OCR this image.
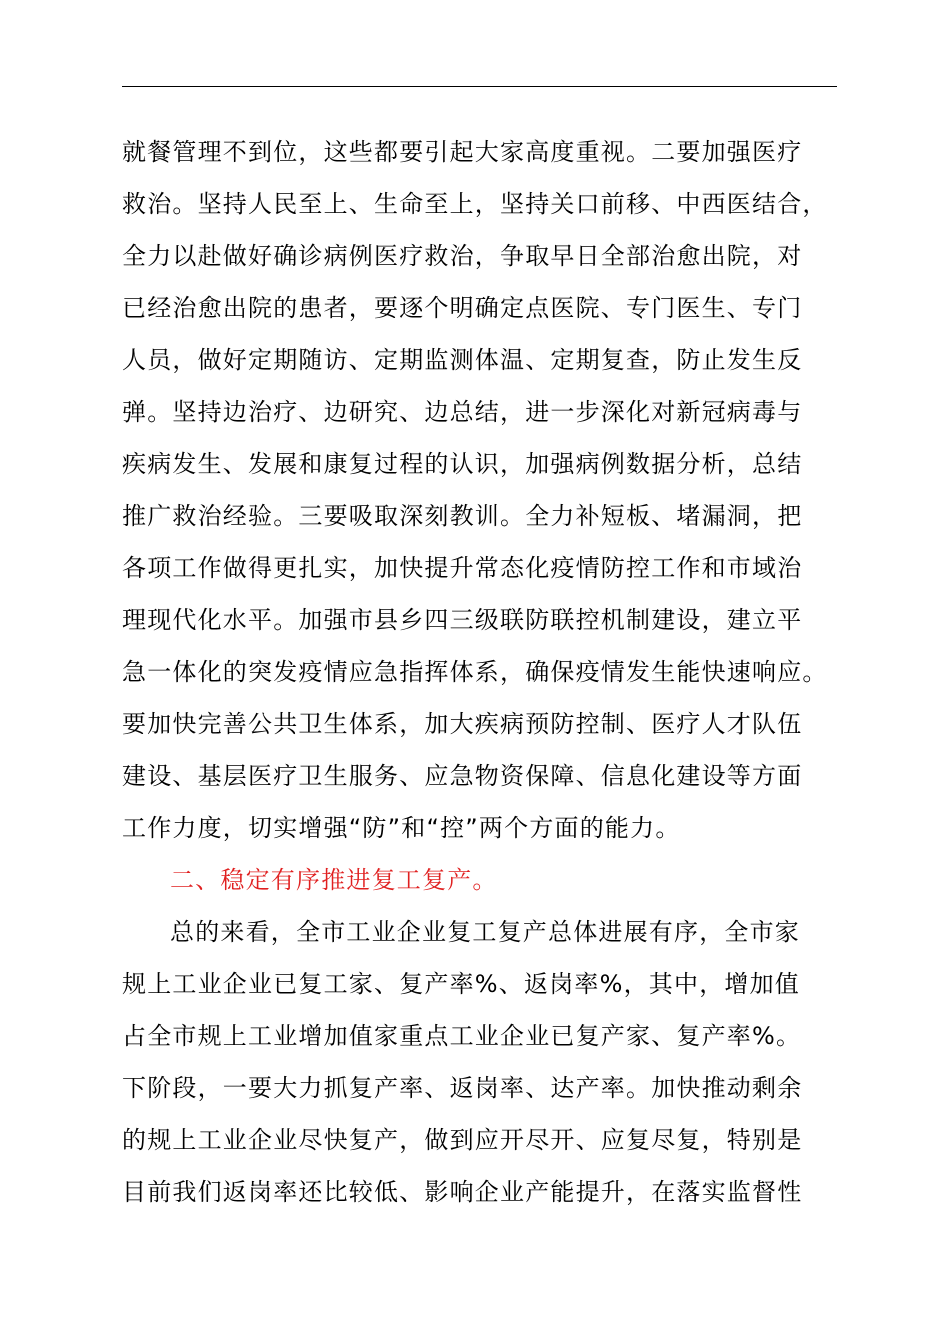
就餐管理不到位，这些都要引起大家高度重视。二要加强医疗
救治。坚持人民至上、生命至上，坚持关口前移、中西医结合，
全力以赴做好确诊病例医疗救治，争取早日全部治愈出院，对
已经治愈出院的患者，要逐个明确定点医院、专门医生、专门
人员，做好定期随访、定期监测体温、定期复查，防止发生反
弹。坚持边治疗、边研究、边总结，进一步深化对新冠病毒与
疾病发生、发展和康复过程的认识，加强病例数据分析，总结
推广救治经验。三要吸取深刻教训。全力补短板、堵漏洞，把
各项工作做得更扎实，加快提升常态化疫情防控工作和市域治
理现代化水平。加强市县乡四三级联防联控机制建设，建立平
急一体化的突发疫情应急指挥体系，确保疫情发生能快速响应。
要加快完善公共卫生体系，加大疾病预防控制、医疗人才队伍
建设、基层医疗卫生服务、应急物资保障、信息化建设等方面
工作力度，切实增强“防”和“控”两个方面的能力。
二、稳定有序推进复工复产。
总的来看，全市工业企业复工复产总体进展有序，全市家
规上工业企业已复工家、复产率%、返岗率%，其中，增加值
占全市规上工业增加值家重点工业企业已复产家、复产率%。
下阶段，一要大力抓复产率、返岗率、达产率。加快推动剩余
的规上工业企业尽快复产，做到应开尽开、应复尽复，特别是
目前我们返岗率还比较低、影响企业产能提升，在落实监督性
